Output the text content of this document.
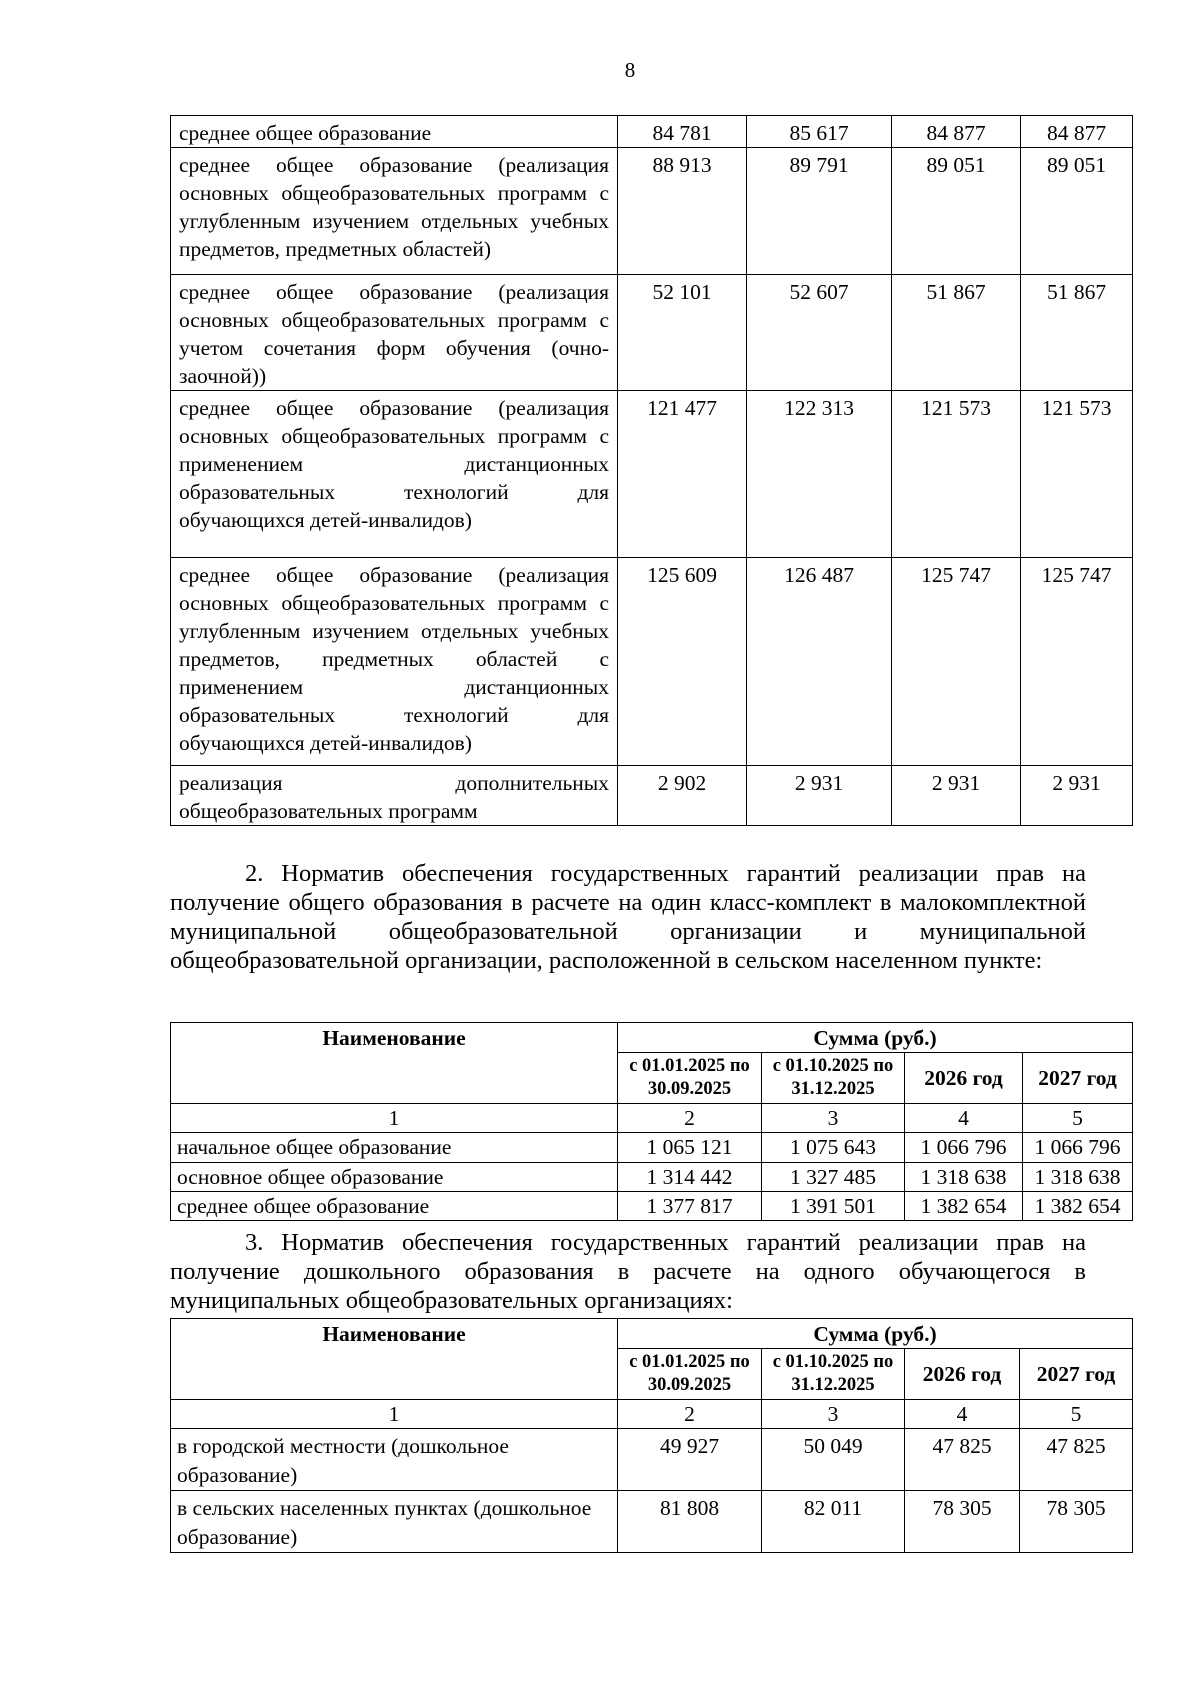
8
среднее общее образование	84 781	85 617	84 877	84 877
среднее общее образование (реализация основных общеобразовательных программ с углубленным изучением отдельных учебных предметов, предметных областей)	88 913	89 791	89 051	89 051
среднее общее образование (реализация основных общеобразовательных программ с учетом сочетания форм обучения (очно-заочной))	52 101	52 607	51 867	51 867
среднее общее образование (реализация основных общеобразовательных программ с применением дистанционных образовательных технологий для обучающихся детей-инвалидов)	121 477	122 313	121 573	121 573
среднее общее образование (реализация основных общеобразовательных программ с углубленным изучением отдельных учебных предметов, предметных областей с применением дистанционных образовательных технологий для обучающихся детей-инвалидов)	125 609	126 487	125 747	125 747
реализация дополнительных общеобразовательных программ	2 902	2 931	2 931	2 931
2. Норматив обеспечения государственных гарантий реализации прав на получение общего образования в расчете на один класс-комплект в малокомплектной муниципальной общеобразовательной организации и муниципальной общеобразовательной организации, расположенной в сельском населенном пункте:
Наименование	Сумма (руб.)			
	с 01.01.2025 по 30.09.2025	с 01.10.2025 по 31.12.2025	2026 год	2027 год
1	2	3	4	5
начальное общее образование	1 065 121	1 075 643	1 066 796	1 066 796
основное общее образование	1 314 442	1 327 485	1 318 638	1 318 638
среднее общее образование	1 377 817	1 391 501	1 382 654	1 382 654
3. Норматив обеспечения государственных гарантий реализации прав на получение дошкольного образования в расчете на одного обучающегося в муниципальных общеобразовательных организациях:
Наименование	Сумма (руб.)			
	с 01.01.2025 по 30.09.2025	с 01.10.2025 по 31.12.2025	2026 год	2027 год
1	2	3	4	5
в городской местности (дошкольное образование)	49 927	50 049	47 825	47 825
в сельских населенных пунктах (дошкольное образование)	81 808	82 011	78 305	78 305
